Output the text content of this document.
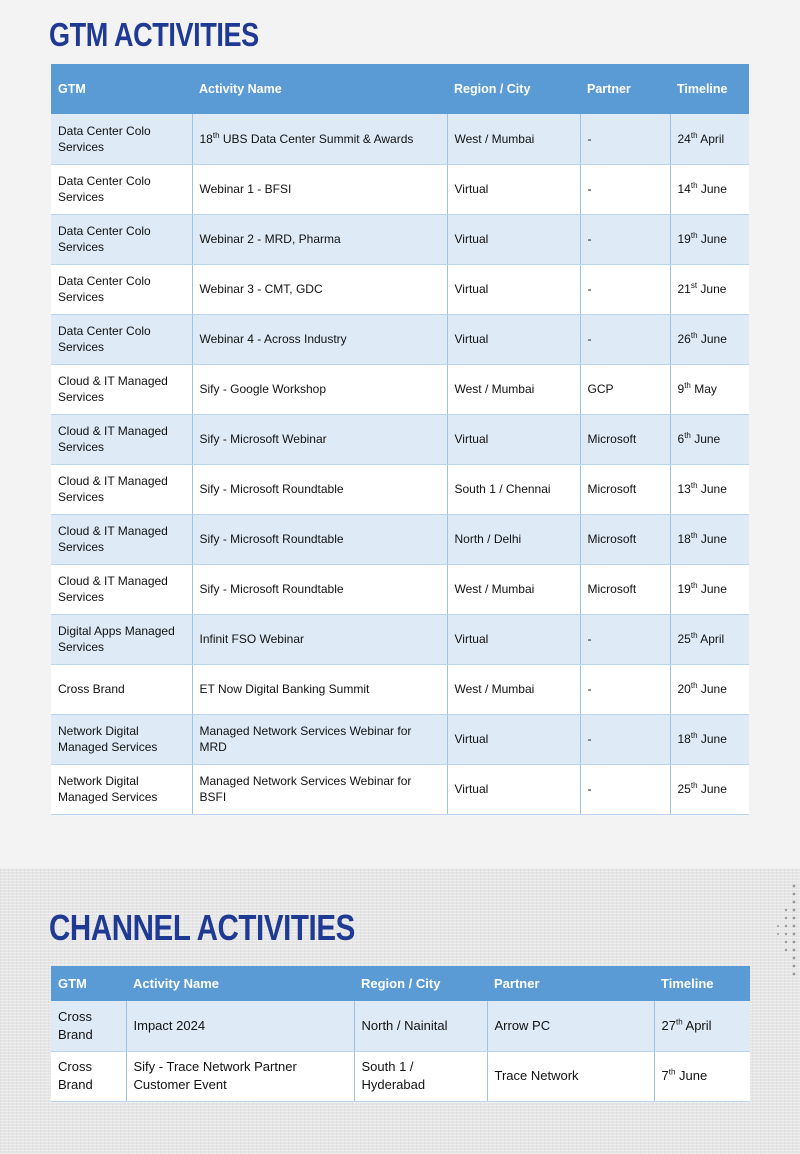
GTM ACTIVITIES
GTM	Activity Name	Region / City	Partner	Timeline
Data Center Colo Services	18th UBS Data Center Summit & Awards	West / Mumbai	-	24th April
Data Center Colo Services	Webinar 1 - BFSI	Virtual	-	14th June
Data Center Colo Services	Webinar 2 - MRD, Pharma	Virtual	-	19th June
Data Center Colo Services	Webinar 3 - CMT, GDC	Virtual	-	21st June
Data Center Colo Services	Webinar 4 - Across Industry	Virtual	-	26th June
Cloud & IT Managed Services	Sify - Google Workshop	West / Mumbai	GCP	9th May
Cloud & IT Managed Services	Sify - Microsoft Webinar	Virtual	Microsoft	6th June
Cloud & IT Managed Services	Sify - Microsoft Roundtable	South 1 / Chennai	Microsoft	13th June
Cloud & IT Managed Services	Sify - Microsoft Roundtable	North / Delhi	Microsoft	18th June
Cloud & IT Managed Services	Sify - Microsoft Roundtable	West / Mumbai	Microsoft	19th June
Digital Apps Managed Services	Infinit FSO Webinar	Virtual	-	25th April
Cross Brand	ET Now Digital Banking Summit	West / Mumbai	-	20th June
Network Digital Managed Services	Managed Network Services Webinar for MRD	Virtual	-	18th June
Network Digital Managed Services	Managed Network Services Webinar for BSFI	Virtual	-	25th June
CHANNEL ACTIVITIES
GTM	Activity Name	Region / City	Partner	Timeline
Cross Brand	Impact 2024	North / Nainital	Arrow PC	27th April
Cross Brand	Sify - Trace Network Partner Customer Event	South 1 / Hyderabad	Trace Network	7th June
